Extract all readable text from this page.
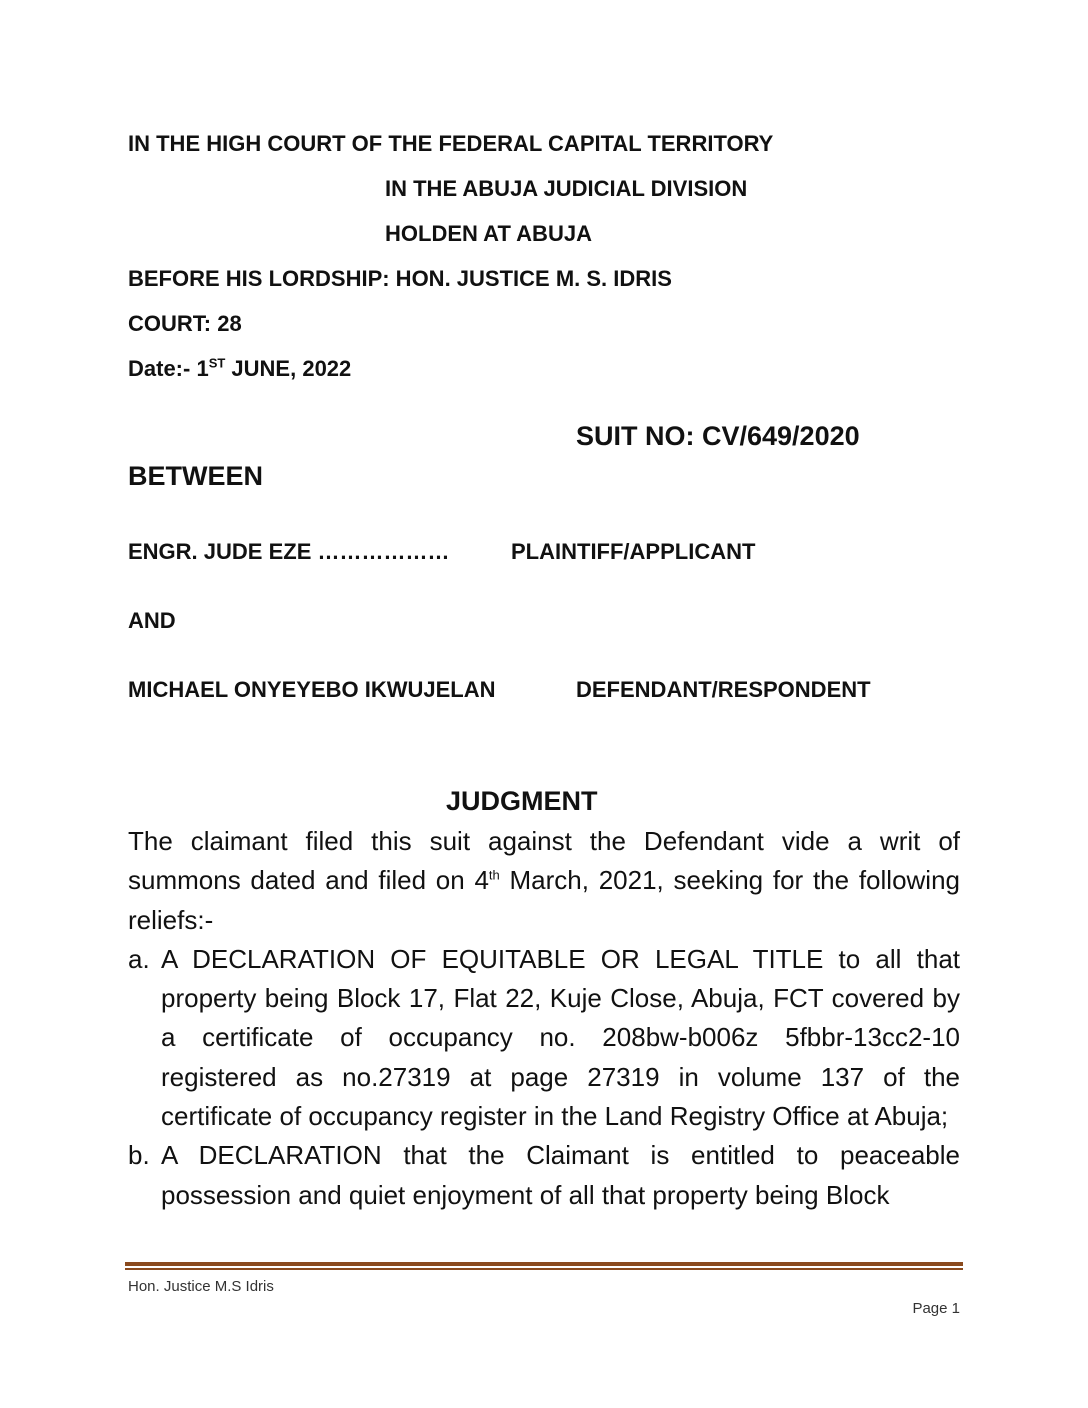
IN THE HIGH COURT OF THE FEDERAL CAPITAL TERRITORY
IN THE ABUJA JUDICIAL DIVISION
HOLDEN AT ABUJA
BEFORE HIS LORDSHIP: HON. JUSTICE M. S. IDRIS
COURT: 28
Date:- 1ST JUNE, 2022
SUIT NO: CV/649/2020
BETWEEN
ENGR. JUDE EZE ………………	PLAINTIFF/APPLICANT
AND
MICHAEL ONYEYEBO IKWUJELAN	DEFENDANT/RESPONDENT
JUDGMENT
The claimant filed this suit against the Defendant vide a writ of summons dated and filed on 4th March, 2021, seeking for the following reliefs:-
a. A DECLARATION OF EQUITABLE OR LEGAL TITLE to all that property being Block 17, Flat 22, Kuje Close, Abuja, FCT covered by a certificate of occupancy no. 208bw-b006z 5fbbr-13cc2-10 registered as no.27319 at page 27319 in volume 137 of the certificate of occupancy register in the Land Registry Office at Abuja;
b. A DECLARATION that the Claimant is entitled to peaceable possession and quiet enjoyment of all that property being Block
Hon. Justice M.S Idris
Page 1
